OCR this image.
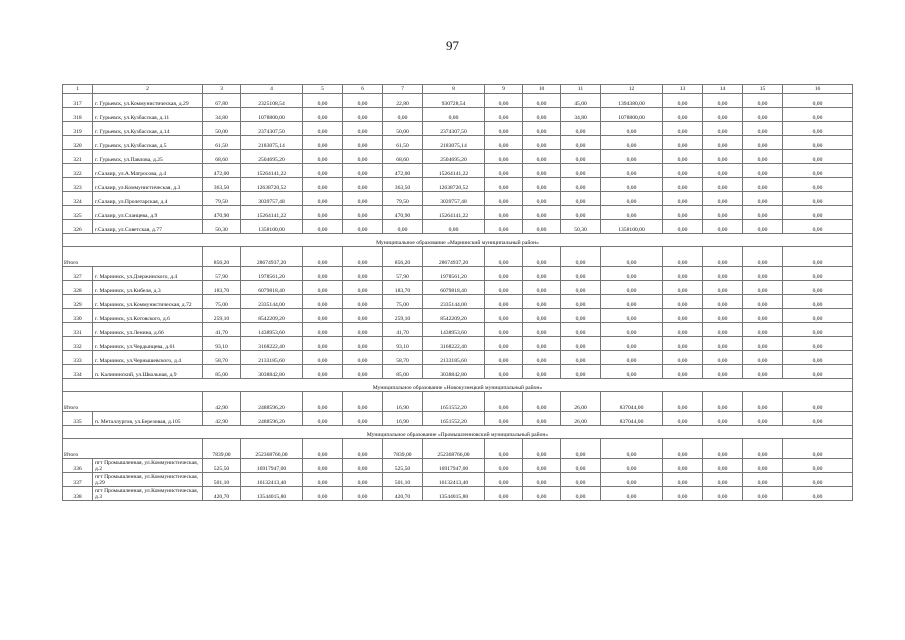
97
1	2	3	4	5	6	7	8	9	10	11	12	13	14	15	16
317	г. Гурьевск, ул.Коммунистическая, д.29	67,80	2325108,54	0,00	0,00	22,80	930728,54	0,00	0,00	45,00	1394380,00	0,00	0,00	0,00	0,00
318	г. Гурьевск, ул.Кузбасская, д.11	34,80	1078800,00	0,00	0,00	0,00	0,00	0,00	0,00	34,80	1078800,00	0,00	0,00	0,00	0,00
319	г. Гурьевск, ул.Кузбасская, д.14	50,00	2374307,50	0,00	0,00	50,00	2374307,50	0,00	0,00	0,00	0,00	0,00	0,00	0,00	0,00
320	г. Гурьевск, ул.Кузбасская, д.5	61,50	2183075,14	0,00	0,00	61,50	2183075,14	0,00	0,00	0,00	0,00	0,00	0,00	0,00	0,00
321	г. Гурьевск, ул.Павлова, д.25	68,60	2504695,20	0,00	0,00	68,60	2504695,20	0,00	0,00	0,00	0,00	0,00	0,00	0,00	0,00
322	г.Салаир, ул.А.Матросова, д.4	472,00	15264141,22	0,00	0,00	472,00	15264141,22	0,00	0,00	0,00	0,00	0,00	0,00	0,00	0,00
323	г.Салаир, ул.Коммунистическая, д.3	363,50	12638720,52	0,00	0,00	363,50	12638720,52	0,00	0,00	0,00	0,00	0,00	0,00	0,00	0,00
324	г.Салаир, ул.Пролетарская, д.4	79,50	3039757,48	0,00	0,00	79,50	3039757,48	0,00	0,00	0,00	0,00	0,00	0,00	0,00	0,00
325	г.Салаир, ул.Сланцева, д.9	470,90	15264141,22	0,00	0,00	470,90	15264141,22	0,00	0,00	0,00	0,00	0,00	0,00	0,00	0,00
326	г.Салаир, ул.Советская, д.77	50,30	1358100,00	0,00	0,00	0,00	0,00	0,00	0,00	50,30	1358100,00	0,00	0,00	0,00	0,00
Муниципальное образование «Мариинский муниципальный район»															
Итого		856,20	28674937,20	0,00	0,00	856,20	28674937,20	0,00	0,00	0,00	0,00	0,00	0,00	0,00	0,00
327	г. Мариинск, ул.Дзержинского, д.4	57,90	1978561,20	0,00	0,00	57,90	1978561,20	0,00	0,00	0,00	0,00	0,00	0,00	0,00	0,00
328	г. Мариинск, ул.Кибеля, д.3	183,70	6079818,40	0,00	0,00	183,70	6079818,40	0,00	0,00	0,00	0,00	0,00	0,00	0,00	0,00
329	г. Мариинск, ул.Коммунистическая, д.72	75,00	2335144,00	0,00	0,00	75,00	2335144,00	0,00	0,00	0,00	0,00	0,00	0,00	0,00	0,00
330	г. Мариинск, ул.Котовского, д.6	259,10	8542209,20	0,00	0,00	259,10	8542209,20	0,00	0,00	0,00	0,00	0,00	0,00	0,00	0,00
331	г. Мариинск, ул.Ленина, д.66	41,70	1438953,60	0,00	0,00	41,70	1438953,60	0,00	0,00	0,00	0,00	0,00	0,00	0,00	0,00
332	г. Мариинск, ул.Чердынцева, д.61	93,10	3168222,40	0,00	0,00	93,10	3168222,40	0,00	0,00	0,00	0,00	0,00	0,00	0,00	0,00
333	г. Мариинск, ул.Чернышевского, д.4	58,70	2133185,60	0,00	0,00	58,70	2133185,60	0,00	0,00	0,00	0,00	0,00	0,00	0,00	0,00
334	п. Калининский, ул.Школьная, д.9	85,00	3038842,80	0,00	0,00	85,00	3038842,80	0,00	0,00	0,00	0,00	0,00	0,00	0,00	0,00
Муниципальное образование «Новокузнецкий муниципальный район»															
Итого		42,90	2488596,20	0,00	0,00	16,90	1651552,20	0,00	0,00	26,00	837044,00	0,00	0,00	0,00	0,00
335	п. Металлургов, ул.Березовая, д.105	42,90	2488596,20	0,00	0,00	16,90	1651552,20	0,00	0,00	26,00	837044,00	0,00	0,00	0,00	0,00
Муниципальное образование «Промышленновский муниципальный район»															
Итого		7839,00	252368766,00	0,00	0,00	7839,00	252368766,00	0,00	0,00	0,00	0,00	0,00	0,00	0,00	0,00
336	пгт Промышленная, ул.Коммунистическая, д.2	525,50	16917947,00	0,00	0,00	525,50	16917947,00	0,00	0,00	0,00	0,00	0,00	0,00	0,00	0,00
337	пгт Промышленная, ул.Коммунистическая, д.29	501,10	16132413,40	0,00	0,00	501,10	16132413,40	0,00	0,00	0,00	0,00	0,00	0,00	0,00	0,00
338	пгт Промышленная, ул.Коммунистическая, д.3	420,70	13544015,80	0,00	0,00	420,70	13544015,80	0,00	0,00	0,00	0,00	0,00	0,00	0,00	0,00
